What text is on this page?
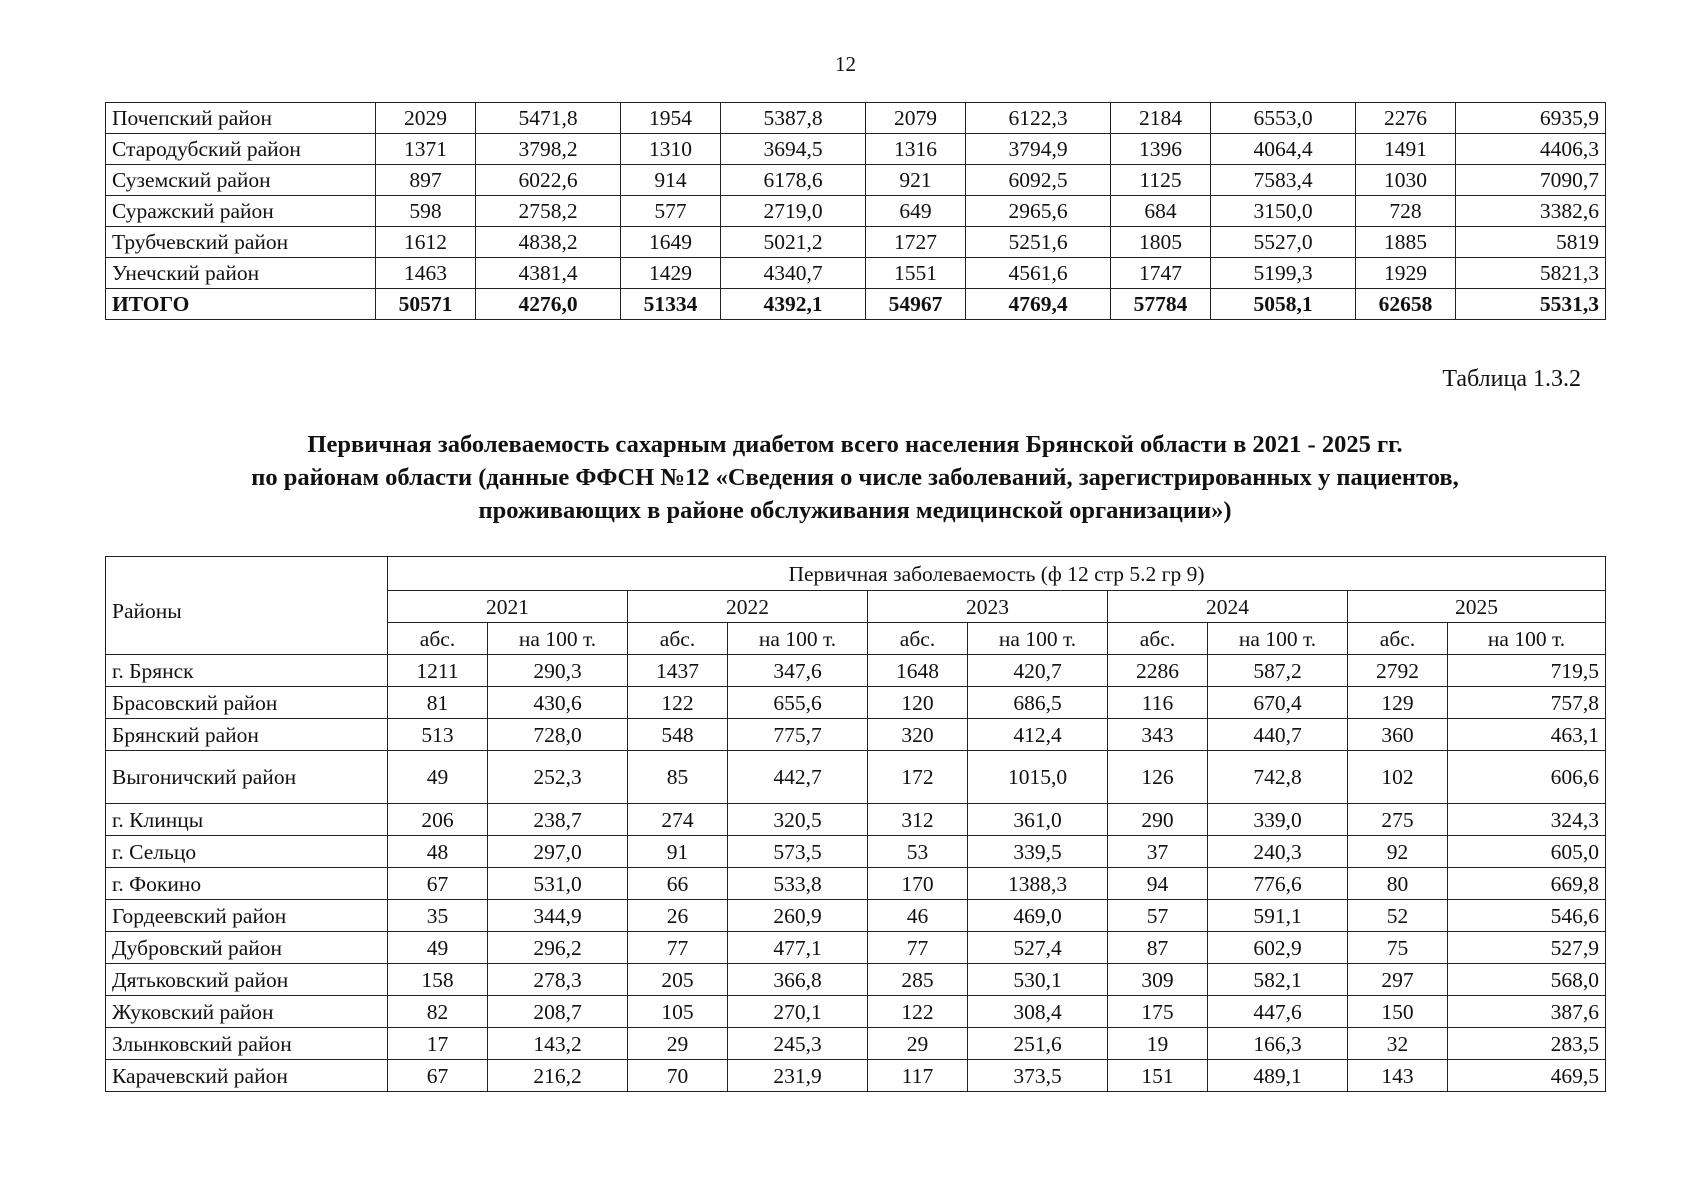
12
Почепский район	2029	5471,8	1954	5387,8	2079	6122,3	2184	6553,0	2276	6935,9
Стародубский район	1371	3798,2	1310	3694,5	1316	3794,9	1396	4064,4	1491	4406,3
Суземский район	897	6022,6	914	6178,6	921	6092,5	1125	7583,4	1030	7090,7
Суражский район	598	2758,2	577	2719,0	649	2965,6	684	3150,0	728	3382,6
Трубчевский район	1612	4838,2	1649	5021,2	1727	5251,6	1805	5527,0	1885	5819
Унечский район	1463	4381,4	1429	4340,7	1551	4561,6	1747	5199,3	1929	5821,3
ИТОГО	50571	4276,0	51334	4392,1	54967	4769,4	57784	5058,1	62658	5531,3
Таблица 1.3.2
Первичная заболеваемость сахарным диабетом всего населения Брянской области в 2021 - 2025 гг.
по районам области (данные ФФСН №12 «Сведения о числе заболеваний, зарегистрированных у пациентов,
проживающих в районе обслуживания медицинской организации»)
Районы	Первичная заболеваемость (ф 12 стр 5.2 гр 9)									
	2021		2022		2023		2024		2025	
	абс.	на 100 т.	абс.	на 100 т.	абс.	на 100 т.	абс.	на 100 т.	абс.	на 100 т.
г. Брянск	1211	290,3	1437	347,6	1648	420,7	2286	587,2	2792	719,5
Брасовский район	81	430,6	122	655,6	120	686,5	116	670,4	129	757,8
Брянский район	513	728,0	548	775,7	320	412,4	343	440,7	360	463,1
Выгоничский район	49	252,3	85	442,7	172	1015,0	126	742,8	102	606,6
г. Клинцы	206	238,7	274	320,5	312	361,0	290	339,0	275	324,3
г. Сельцо	48	297,0	91	573,5	53	339,5	37	240,3	92	605,0
г. Фокино	67	531,0	66	533,8	170	1388,3	94	776,6	80	669,8
Гордеевский район	35	344,9	26	260,9	46	469,0	57	591,1	52	546,6
Дубровский район	49	296,2	77	477,1	77	527,4	87	602,9	75	527,9
Дятьковский район	158	278,3	205	366,8	285	530,1	309	582,1	297	568,0
Жуковский район	82	208,7	105	270,1	122	308,4	175	447,6	150	387,6
Злынковский район	17	143,2	29	245,3	29	251,6	19	166,3	32	283,5
Карачевский район	67	216,2	70	231,9	117	373,5	151	489,1	143	469,5
